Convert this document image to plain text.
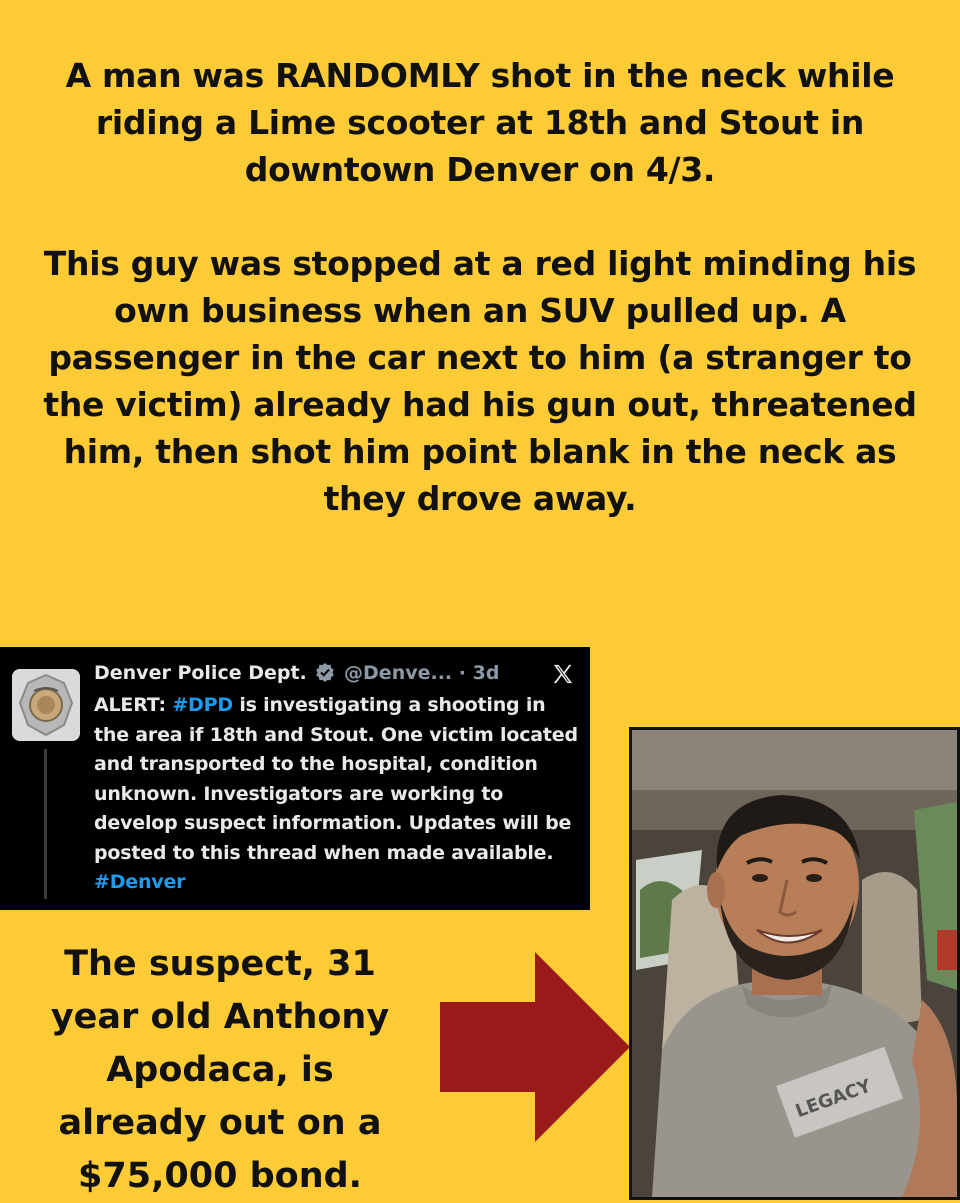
A man was RANDOMLY shot in the neck while riding a Lime scooter at 18th and Stout in downtown Denver on 4/3.

This guy was stopped at a red light minding his own business when an SUV pulled up. A passenger in the car next to him (a stranger to the victim) already had his gun out, threatened him, then shot him point blank in the neck as they drove away.

Denver Police Dept. @Denve... · 3d
ALERT: #DPD is investigating a shooting in the area if 18th and Stout. One victim located and transported to the hospital, condition unknown. Investigators are working to develop suspect information. Updates will be posted to this thread when made available. #Denver

The suspect, 31

year old Anthony

Apodaca, is

already out on a

$75,000 bond.

LEGACY
